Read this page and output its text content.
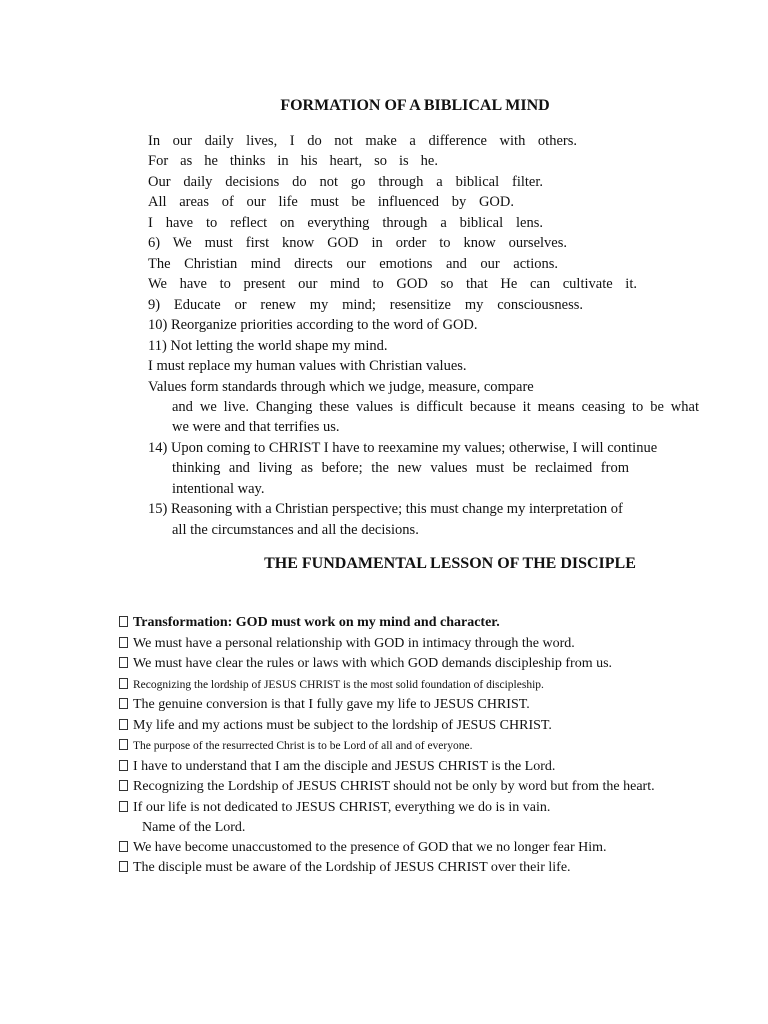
FORMATION OF A BIBLICAL MIND
In our daily lives, I do not make a difference with others.
For as he thinks in his heart, so is he.
Our daily decisions do not go through a biblical filter.
All areas of our life must be influenced by GOD.
I have to reflect on everything through a biblical lens.
6) We must first know GOD in order to know ourselves.
The Christian mind directs our emotions and our actions.
We have to present our mind to GOD so that He can cultivate it.
9) Educate or renew my mind; resensitize my consciousness.
10) Reorganize priorities according to the word of GOD.
11) Not letting the world shape my mind.
I must replace my human values with Christian values.
Values form standards through which we judge, measure, compare
and we live. Changing these values is difficult because it means ceasing to be what
we were and that terrifies us.
14) Upon coming to CHRIST I have to reexamine my values; otherwise, I will continue
thinking and living as before; the new values must be reclaimed from
intentional way.
15) Reasoning with a Christian perspective; this must change my interpretation of
all the circumstances and all the decisions.
THE FUNDAMENTAL LESSON OF THE DISCIPLE
Transformation: GOD must work on my mind and character.
We must have a personal relationship with GOD in intimacy through the word.
We must have clear the rules or laws with which GOD demands discipleship from us.
Recognizing the lordship of JESUS CHRIST is the most solid foundation of discipleship.
The genuine conversion is that I fully gave my life to JESUS CHRIST.
My life and my actions must be subject to the lordship of JESUS CHRIST.
The purpose of the resurrected Christ is to be Lord of all and of everyone.
I have to understand that I am the disciple and JESUS CHRIST is the Lord.
Recognizing the Lordship of JESUS CHRIST should not be only by word but from the heart.
If our life is not dedicated to JESUS CHRIST, everything we do is in vain.
Name of the Lord.
We have become unaccustomed to the presence of GOD that we no longer fear Him.
The disciple must be aware of the Lordship of JESUS CHRIST over their life.
